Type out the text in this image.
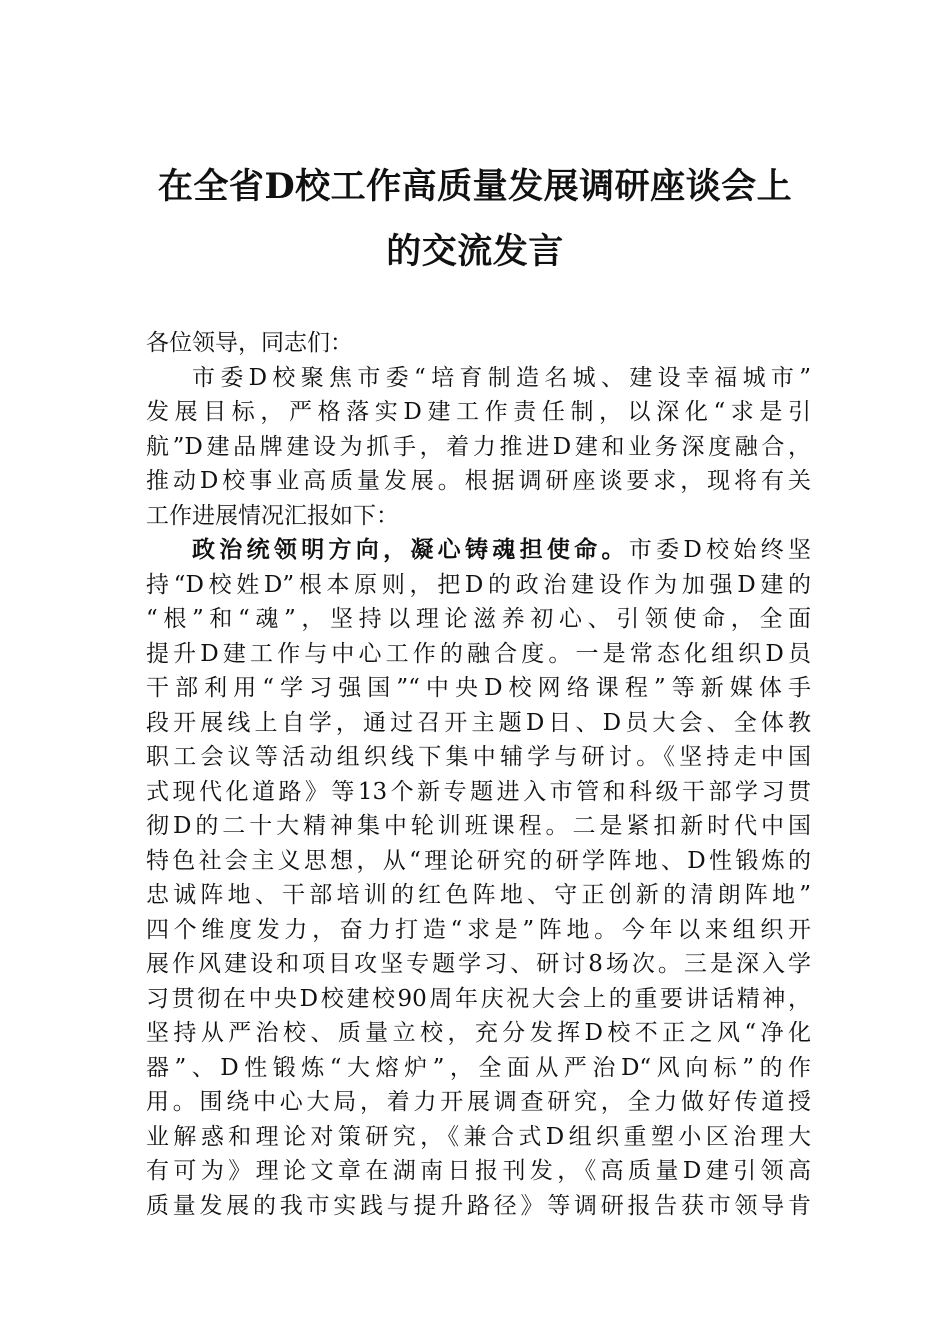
在全省D校工作高质量发展调研座谈会上
的交流发言
各位领导，同志们：
市委D校聚焦市委“培育制造名城、建设幸福城市”
发展目标，严格落实D建工作责任制，以深化“求是引
航”D建品牌建设为抓手，着力推进D建和业务深度融合，
推动D校事业高质量发展。根据调研座谈要求，现将有关
工作进展情况汇报如下：
政治统领明方向，凝心铸魂担使命。市委D校始终坚
持“D校姓D”根本原则，把D的政治建设作为加强D建的
“根”和“魂”，坚持以理论滋养初心、引领使命，全面
提升D建工作与中心工作的融合度。一是常态化组织D员
干部利用“学习强国”“中央D校网络课程”等新媒体手
段开展线上自学，通过召开主题D日、D员大会、全体教
职工会议等活动组织线下集中辅学与研讨。《坚持走中国
式现代化道路》等13个新专题进入市管和科级干部学习贯
彻D的二十大精神集中轮训班课程。二是紧扣新时代中国
特色社会主义思想，从“理论研究的研学阵地、D性锻炼的
忠诚阵地、干部培训的红色阵地、守正创新的清朗阵地”
四个维度发力，奋力打造“求是”阵地。今年以来组织开
展作风建设和项目攻坚专题学习、研讨8场次。三是深入学
习贯彻在中央D校建校90周年庆祝大会上的重要讲话精神，
坚持从严治校、质量立校，充分发挥D校不正之风“净化
器”、D性锻炼“大熔炉”，全面从严治D“风向标”的作
用。围绕中心大局，着力开展调查研究，全力做好传道授
业解惑和理论对策研究，《兼合式D组织重塑小区治理大
有可为》理论文章在湖南日报刊发，《高质量D建引领高
质量发展的我市实践与提升路径》等调研报告获市领导肯
